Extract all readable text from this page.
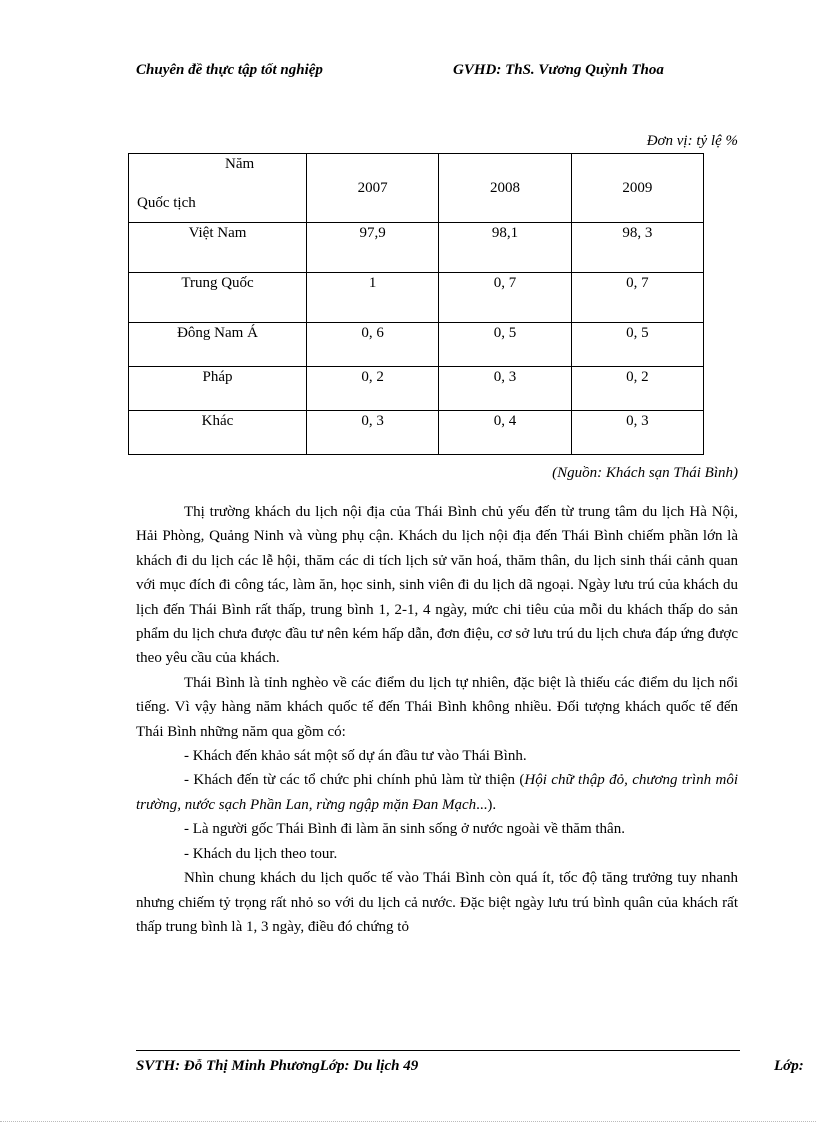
Chuyên đề thực tập tốt nghiệp	GVHD: ThS. Vương Quỳnh Thoa
Đơn vị: tỷ lệ %
Năm
Quốc tịch	2007	2008	2009
Việt Nam	97,9	98,1	98, 3
Trung Quốc	1	0, 7	0, 7
Đông Nam Á	0, 6	0, 5	0, 5
Pháp	0, 2	0, 3	0, 2
Khác	0, 3	0, 4	0, 3
(Nguồn: Khách sạn Thái Bình)

Thị trường khách du lịch nội địa của Thái Bình chủ yếu đến từ trung tâm du lịch Hà Nội, Hải Phòng, Quảng Ninh và vùng phụ cận. Khách du lịch nội địa đến Thái Bình chiếm phần lớn là khách đi du lịch các lễ hội, thăm các di tích lịch sử văn hoá, thăm thân, du lịch sinh thái cảnh quan với mục đích đi công tác, làm ăn, học sinh, sinh viên đi du lịch dã ngoại. Ngày lưu trú của khách du lịch đến Thái Bình rất thấp, trung bình 1, 2-1, 4 ngày, mức chi tiêu của mỗi du khách thấp do sản phẩm du lịch chưa được đầu tư nên kém hấp dẫn, đơn điệu, cơ sở lưu trú du lịch chưa đáp ứng được theo yêu cầu của khách.

Thái Bình là tỉnh nghèo về các điểm du lịch tự nhiên, đặc biệt là thiếu các điểm du lịch nổi tiếng. Vì vậy hàng năm khách quốc tế đến Thái Bình không nhiều. Đối tượng khách quốc tế đến Thái Bình những năm qua gồm có:

- Khách đến khảo sát một số dự án đầu tư vào Thái Bình.

- Khách đến từ các tổ chức phi chính phủ làm từ thiện (Hội chữ thập đỏ, chương trình môi trường, nước sạch Phần Lan, rừng ngập mặn Đan Mạch...).

- Là người gốc Thái Bình đi làm ăn sinh sống ở nước ngoài về thăm thân.

- Khách du lịch theo tour.

Nhìn chung khách du lịch quốc tế vào Thái Bình còn quá ít, tốc độ tăng trưởng tuy nhanh nhưng chiếm tỷ trọng rất nhỏ so với du lịch cả nước. Đặc biệt ngày lưu trú bình quân của khách rất thấp trung bình là 1, 3 ngày, điều đó chứng tỏ

SVTH: Đỗ Thị Minh PhươngLớp: Du lịch 49	Lớp:
